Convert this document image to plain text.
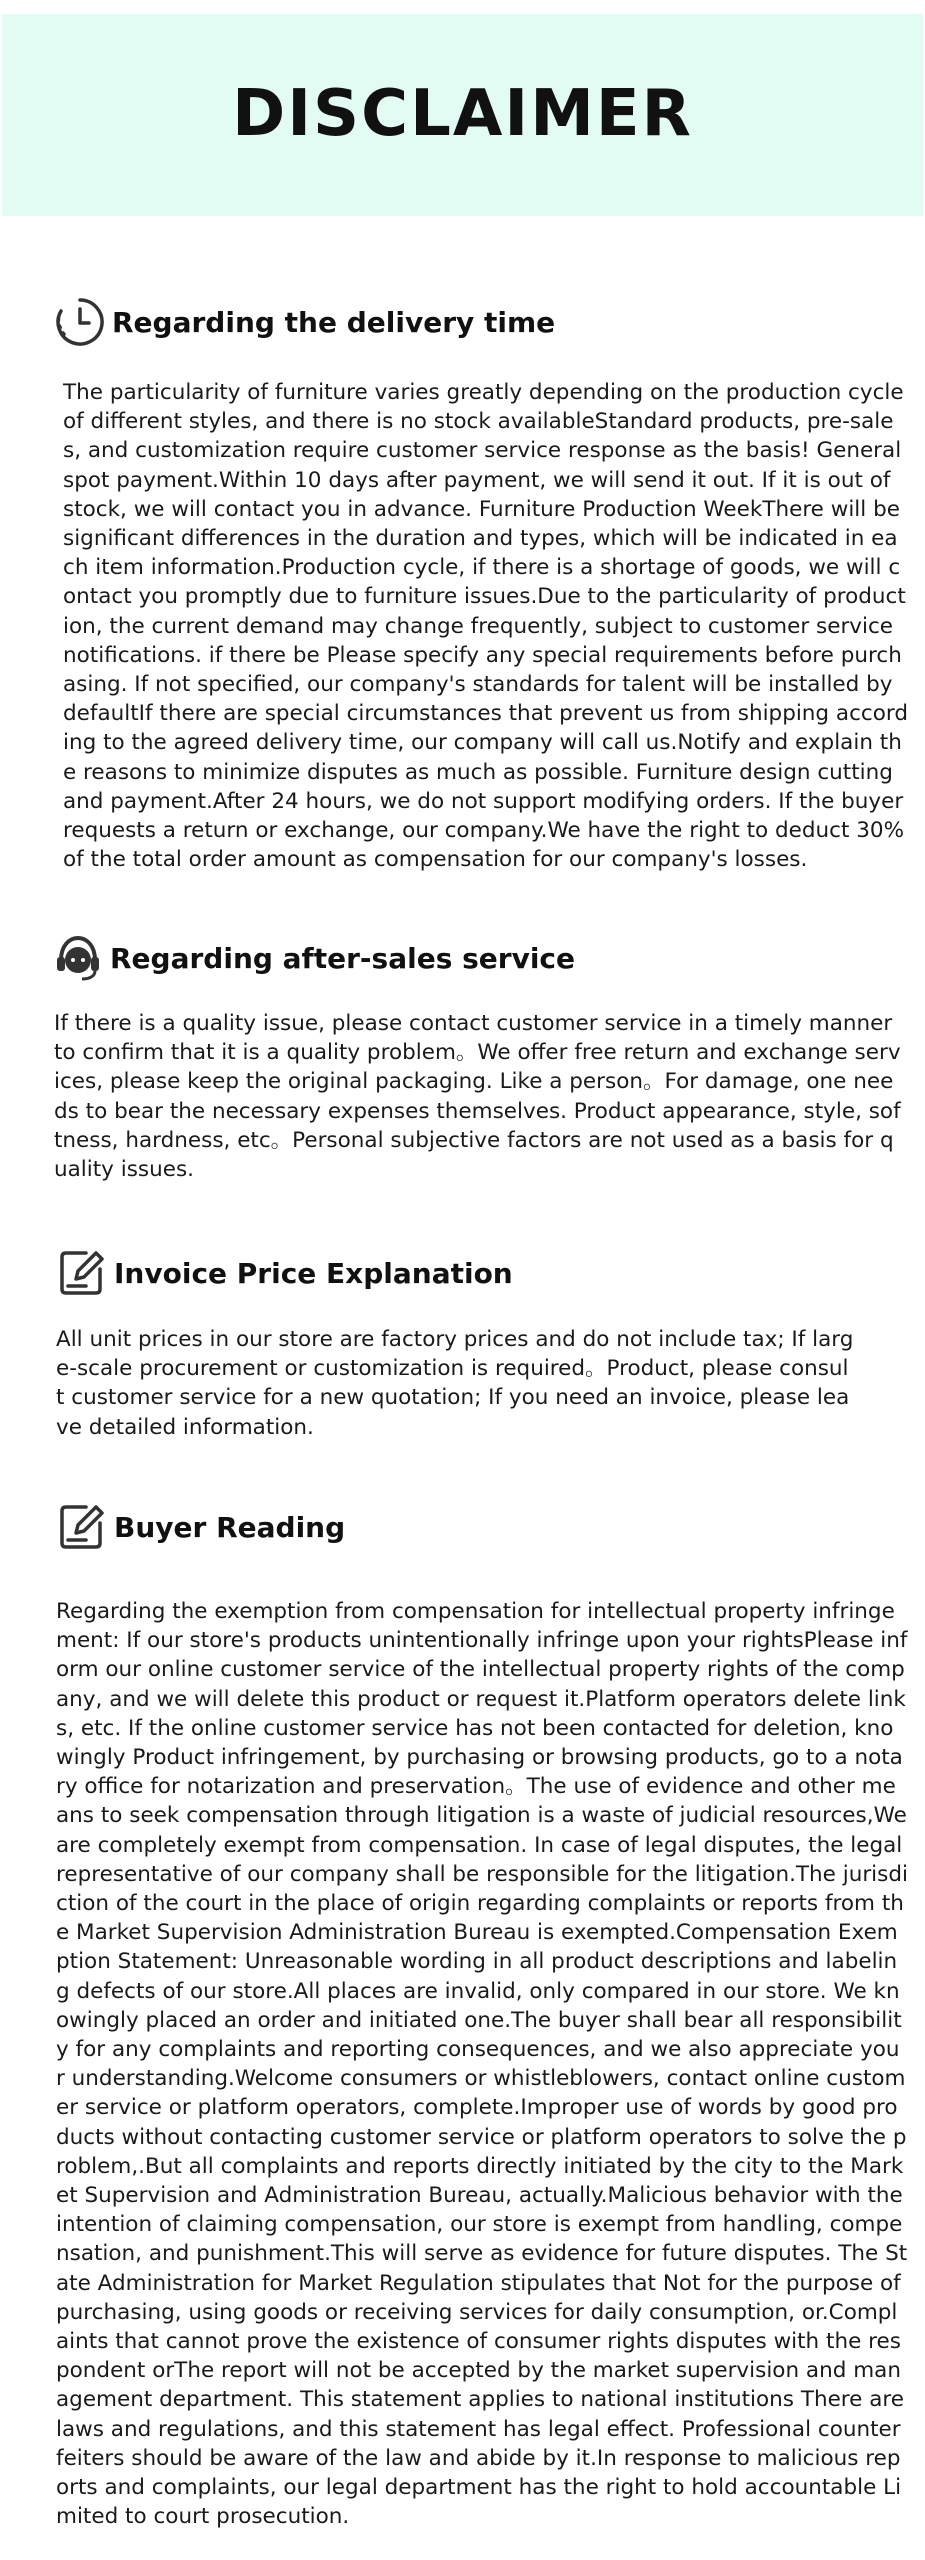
DISCLAIMER
Regarding the delivery time

The particularity of furniture varies greatly depending on the production cycle of different styles, and there is no stock availableStandard products, pre-sales, and customization require customer service response as the basis! General spot payment.Within 10 days after payment, we will send it out. If it is out of stock, we will contact you in advance. Furniture Production WeekThere will be significant differences in the duration and types, which will be indicated in each item information.Production cycle, if there is a shortage of goods, we will contact you promptly due to furniture issues.Due to the particularity of production, the current demand may change frequently, subject to customer service notifications. if there be Please specify any special requirements before purchasing. If not specified, our company's standards for talent will be installed by defaultIf there are special circumstances that prevent us from shipping according to the agreed delivery time, our company will call us.Notify and explain the reasons to minimize disputes as much as possible. Furniture design cutting and payment.After 24 hours, we do not support modifying orders. If the buyer requests a return or exchange, our company.We have the right to deduct 30% of the total order amount as compensation for our company's losses.

Regarding after-sales service

If there is a quality issue, please contact customer service in a timely manner to confirm that it is a quality problem。We offer free return and exchange services, please keep the original packaging. Like a person。For damage, one needs to bear the necessary expenses themselves. Product appearance, style, softness, hardness, etc。Personal subjective factors are not used as a basis for quality issues.

Invoice Price Explanation

All unit prices in our store are factory prices and do not include tax; If large-scale procurement or customization is required。Product, please consult customer service for a new quotation; If you need an invoice, please leave detailed information.

Buyer Reading

Regarding the exemption from compensation for intellectual property infringement: If our store's products unintentionally infringe upon your rightsPlease inform our online customer service of the intellectual property rights of the company, and we will delete this product or request it.Platform operators delete links, etc. If the online customer service has not been contacted for deletion, knowingly Product infringement, by purchasing or browsing products, go to a notary office for notarization and preservation。The use of evidence and other means to seek compensation through litigation is a waste of judicial resources,We are completely exempt from compensation. In case of legal disputes, the legal representative of our company shall be responsible for the litigation.The jurisdiction of the court in the place of origin regarding complaints or reports from the Market Supervision Administration Bureau is exempted.Compensation Exemption Statement: Unreasonable wording in all product descriptions and labeling defects of our store.All places are invalid, only compared in our store. We knowingly placed an order and initiated one.The buyer shall bear all responsibility for any complaints and reporting consequences, and we also appreciate your understanding.Welcome consumers or whistleblowers, contact online customer service or platform operators, complete.Improper use of words by good products without contacting customer service or platform operators to solve the problem,.But all complaints and reports directly initiated by the city to the Market Supervision and Administration Bureau, actually.Malicious behavior with the intention of claiming compensation, our store is exempt from handling, compensation, and punishment.This will serve as evidence for future disputes. The State Administration for Market Regulation stipulates that Not for the purpose of purchasing, using goods or receiving services for daily consumption, or.Complaints that cannot prove the existence of consumer rights disputes with the respondent orThe report will not be accepted by the market supervision and management department. This statement applies to national institutions There are laws and regulations, and this statement has legal effect. Professional counterfeiters should be aware of the law and abide by it.In response to malicious reports and complaints, our legal department has the right to hold accountable Limited to court prosecution.
